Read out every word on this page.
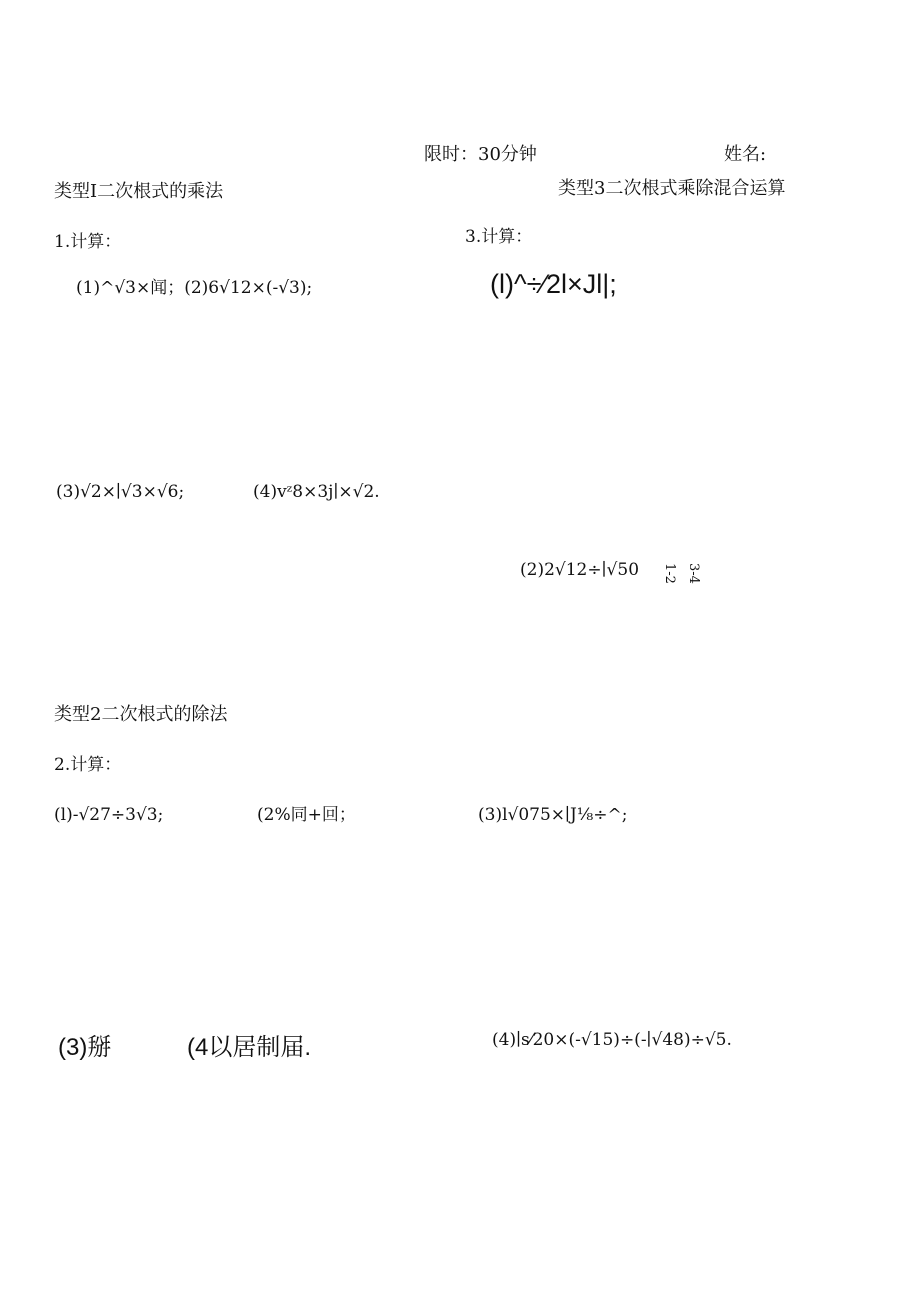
限时：30分钟	姓名:
类型I二次根式的乘法
1.计算：
(1)^√3×闻；(2)6√12×(-√3);
(3)√2×∣√3×√6;	(4)vᶻ8×3j∣×√2.
类型3二次根式乘除混合运算
3.计算：
(l)^÷⁄2l×Jl|;
(2)2√12÷∣√50 1-2 3-4
类型2二次根式的除法
2.计算：
(l)-√27÷3√3;	(2%同+回；	(3)l√075×∣J⅛÷^;
(3)掰	(4以居制届.	(4)∣s⁄20×(-√15)÷(-∣√48)÷√5.
